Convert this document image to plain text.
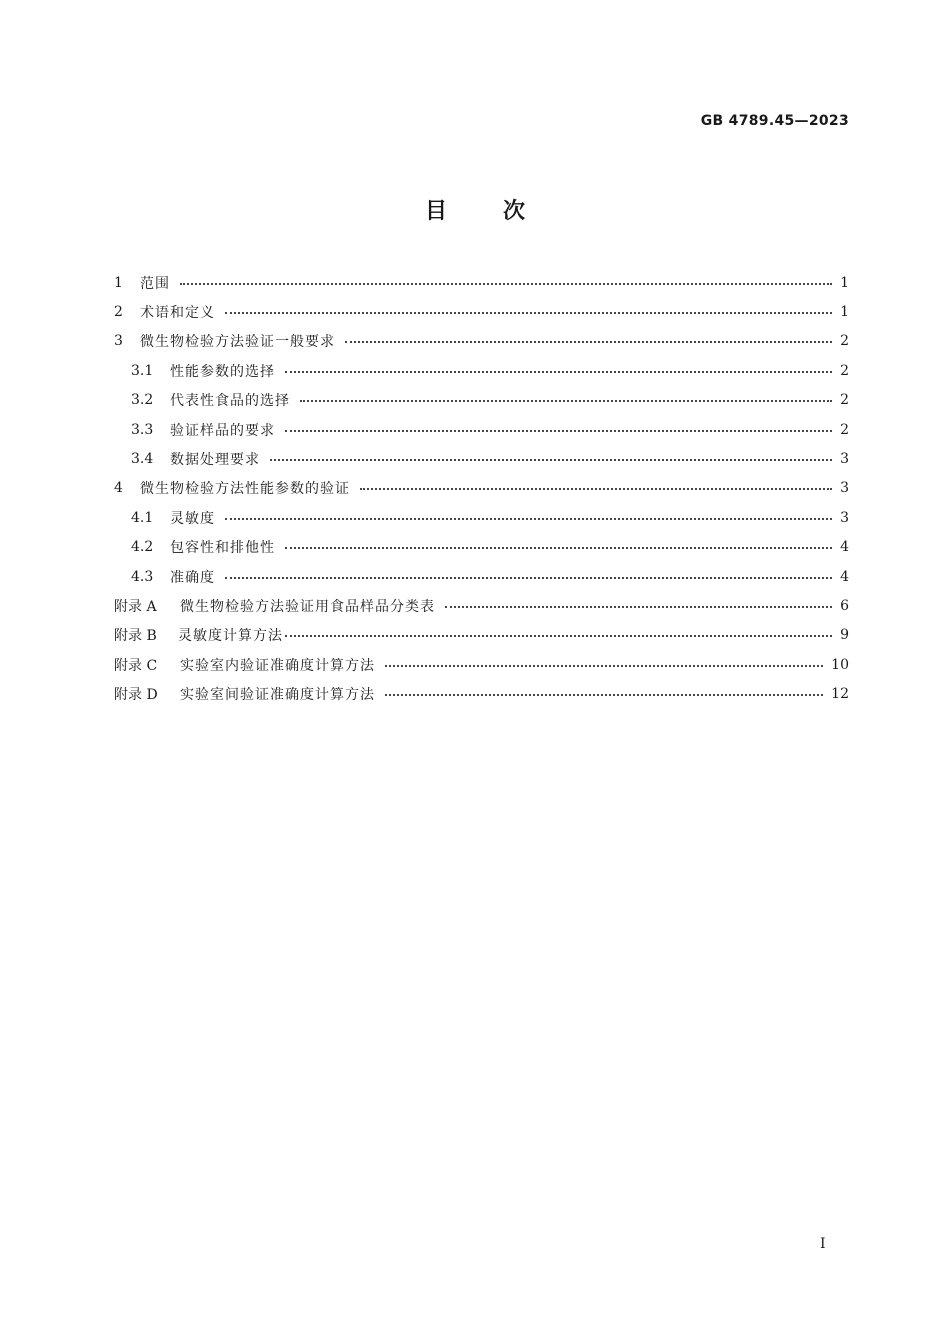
GB 4789.45—2023
目次
1	范围	1
2	术语和定义	1
3	微生物检验方法验证一般要求	2
3.1	性能参数的选择	2
3.2	代表性食品的选择	2
3.3	验证样品的要求	2
3.4	数据处理要求	3
4	微生物检验方法性能参数的验证	3
4.1	灵敏度	3
4.2	包容性和排他性	4
4.3	准确度	4
附录 A	微生物检验方法验证用食品样品分类表	6
附录 B	灵敏度计算方法	9
附录 C	实验室内验证准确度计算方法	10
附录 D	实验室间验证准确度计算方法	12
I
